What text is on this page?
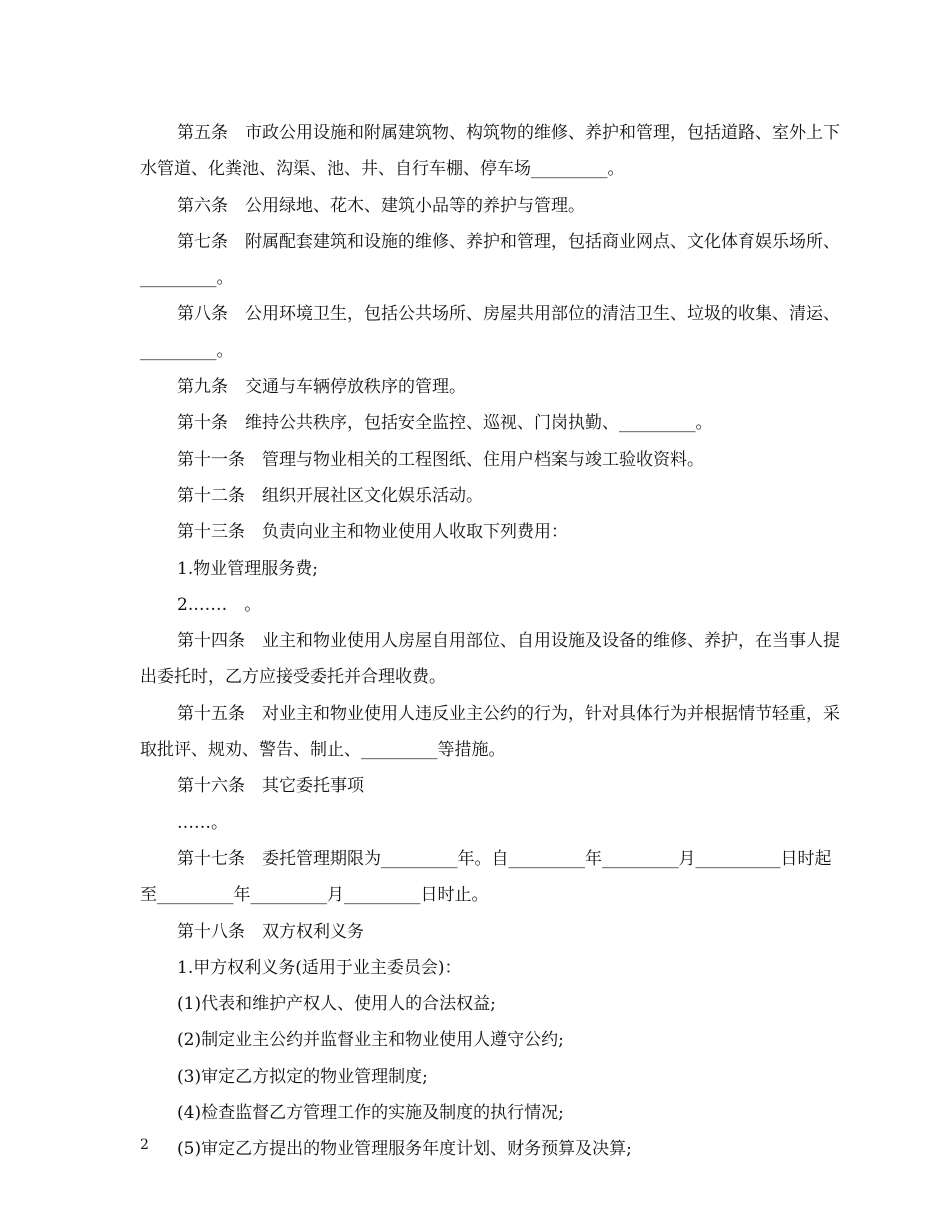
第五条　市政公用设施和附属建筑物、构筑物的维修、养护和管理，包括道路、室外上下水管道、化粪池、沟渠、池、井、自行车棚、停车场_________。

第六条　公用绿地、花木、建筑小品等的养护与管理。

第七条　附属配套建筑和设施的维修、养护和管理，包括商业网点、文化体育娱乐场所、_________。

第八条　公用环境卫生，包括公共场所、房屋共用部位的清洁卫生、垃圾的收集、清运、_________。

第九条　交通与车辆停放秩序的管理。

第十条　维持公共秩序，包括安全监控、巡视、门岗执勤、_________。

第十一条　管理与物业相关的工程图纸、住用户档案与竣工验收资料。

第十二条　组织开展社区文化娱乐活动。

第十三条　负责向业主和物业使用人收取下列费用：

1.物业管理服务费;

2.……　。

第十四条　业主和物业使用人房屋自用部位、自用设施及设备的维修、养护，在当事人提出委托时，乙方应接受委托并合理收费。

第十五条　对业主和物业使用人违反业主公约的行为，针对具体行为并根据情节轻重，采取批评、规劝、警告、制止、_________等措施。

第十六条　其它委托事项

……。

第十七条　委托管理期限为_________年。自_________年_________月__________日时起至_________年_________月_________日时止。

第十八条　双方权利义务

1.甲方权利义务(适用于业主委员会)：

(1)代表和维护产权人、使用人的合法权益;

(2)制定业主公约并监督业主和物业使用人遵守公约;

(3)审定乙方拟定的物业管理制度;

(4)检查监督乙方管理工作的实施及制度的执行情况;

(5)审定乙方提出的物业管理服务年度计划、财务预算及决算;

2
